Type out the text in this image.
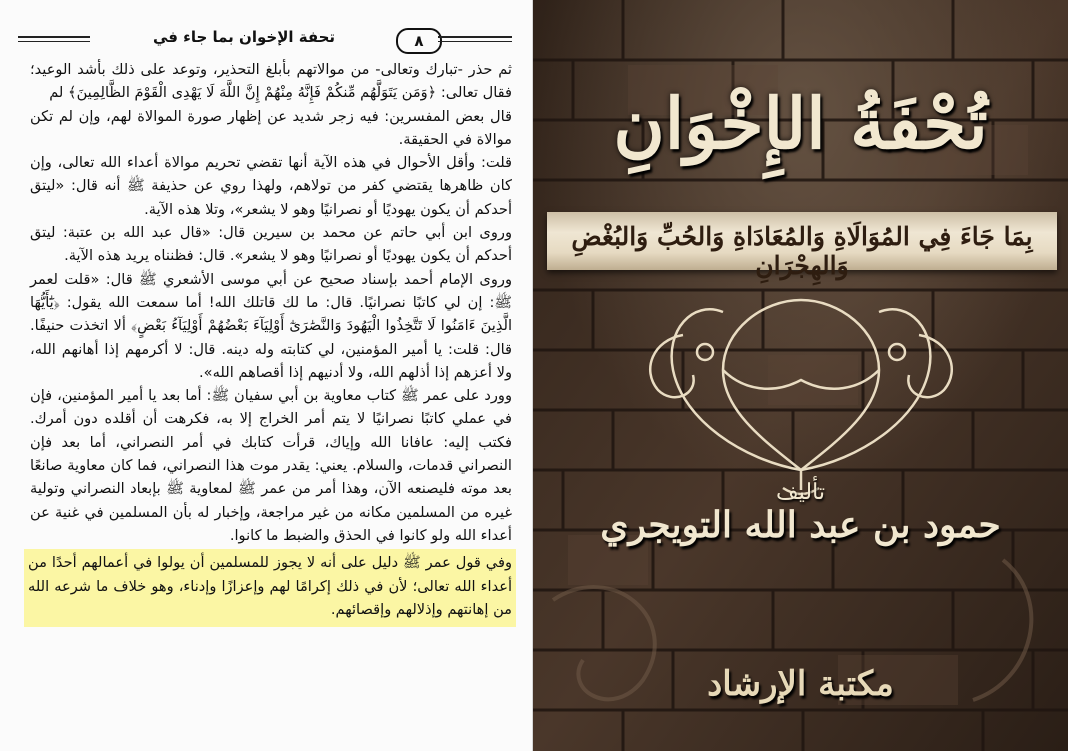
٨
تحفة الإخوان بما جاء في

ثم حذر -تبارك وتعالى- من موالاتهم بأبلغ التحذير، وتوعد على ذلك بأشد الوعيد؛ فقال تعالى: ﴿وَمَن يَتَوَلَّهُم مِّنكُمْ فَإِنَّهُ مِنْهُمْ إِنَّ اللَّهَ لَا يَهْدِى الْقَوْمَ الظَّالِمِينَ﴾ لم

قال بعض المفسرين: فيه زجر شديد عن إظهار صورة الموالاة لهم، وإن لم تكن موالاة في الحقيقة.

قلت: وأقل الأحوال في هذه الآية أنها تقضي تحريم موالاة أعداء الله تعالى، وإن كان ظاهرها يقتضي كفر من تولاهم، ولهذا روي عن حذيفة ﷺ أنه قال: «ليتق أحدكم أن يكون يهوديًا أو نصرانيًا وهو لا يشعر»، وتلا هذه الآية.

وروى ابن أبي حاتم عن محمد بن سيرين قال: «قال عبد الله بن عتبة: ليتق أحدكم أن يكون يهوديًا أو نصرانيًا وهو لا يشعر». قال: فظنناه يريد هذه الآية.

وروى الإمام أحمد بإسناد صحيح عن أبي موسى الأشعري ﷺ قال: «قلت لعمر ﷺ: إن لي كاتبًا نصرانيًا. قال: ما لك قاتلك الله! أما سمعت الله يقول: ﴿يَٰٓأَيُّهَا الَّذِينَ ءَامَنُوا لَا تَتَّخِذُوا الْيَهُودَ وَالنَّصَٰرَىٰٓ أَوْلِيَآءَ بَعْضُهُمْ أَوْلِيَآءُ بَعْضٍ﴾ ألا اتخذت حنيفًا. قال: قلت: يا أمير المؤمنين، لي كتابته وله دينه. قال: لا أكرمهم إذا أهانهم الله، ولا أعزهم إذا أذلهم الله، ولا أدنيهم إذا أقصاهم الله».

وورد على عمر ﷺ كتاب معاوية بن أبي سفيان ﷺ: أما بعد يا أمير المؤمنين، فإن في عملي كاتبًا نصرانيًا لا يتم أمر الخراج إلا به، فكرهت أن أقلده دون أمرك. فكتب إليه: عافانا الله وإياك، قرأت كتابك في أمر النصراني، أما بعد فإن النصراني قدمات، والسلام. يعني: يقدر موت هذا النصراني، فما كان معاوية صانعًا بعد موته فليصنعه الآن، وهذا أمر من عمر ﷺ لمعاوية ﷺ بإبعاد النصراني وتولية غيره من المسلمين مكانه من غير مراجعة، وإخبار له بأن المسلمين في غنية عن أعداء الله ولو كانوا في الحذق والضبط ما كانوا.

وفي قول عمر ﷺ دليل على أنه لا يجوز للمسلمين أن يولوا في أعمالهم أحدًا من أعداء الله تعالى؛ لأن في ذلك إكرامًا لهم وإعزازًا وإدناء، وهو خلاف ما شرعه الله من إهانتهم وإذلالهم وإقصائهم.

تُحْفَةُ الإِخْوَانِ
بِمَا جَاءَ فِي المُوَالَاةِ وَالمُعَادَاةِ وَالحُبِّ وَالبُغْضِ وَالهِجْرَانِ
تأليف
حمود بن عبد الله التويجري
مكتبة الإرشاد
